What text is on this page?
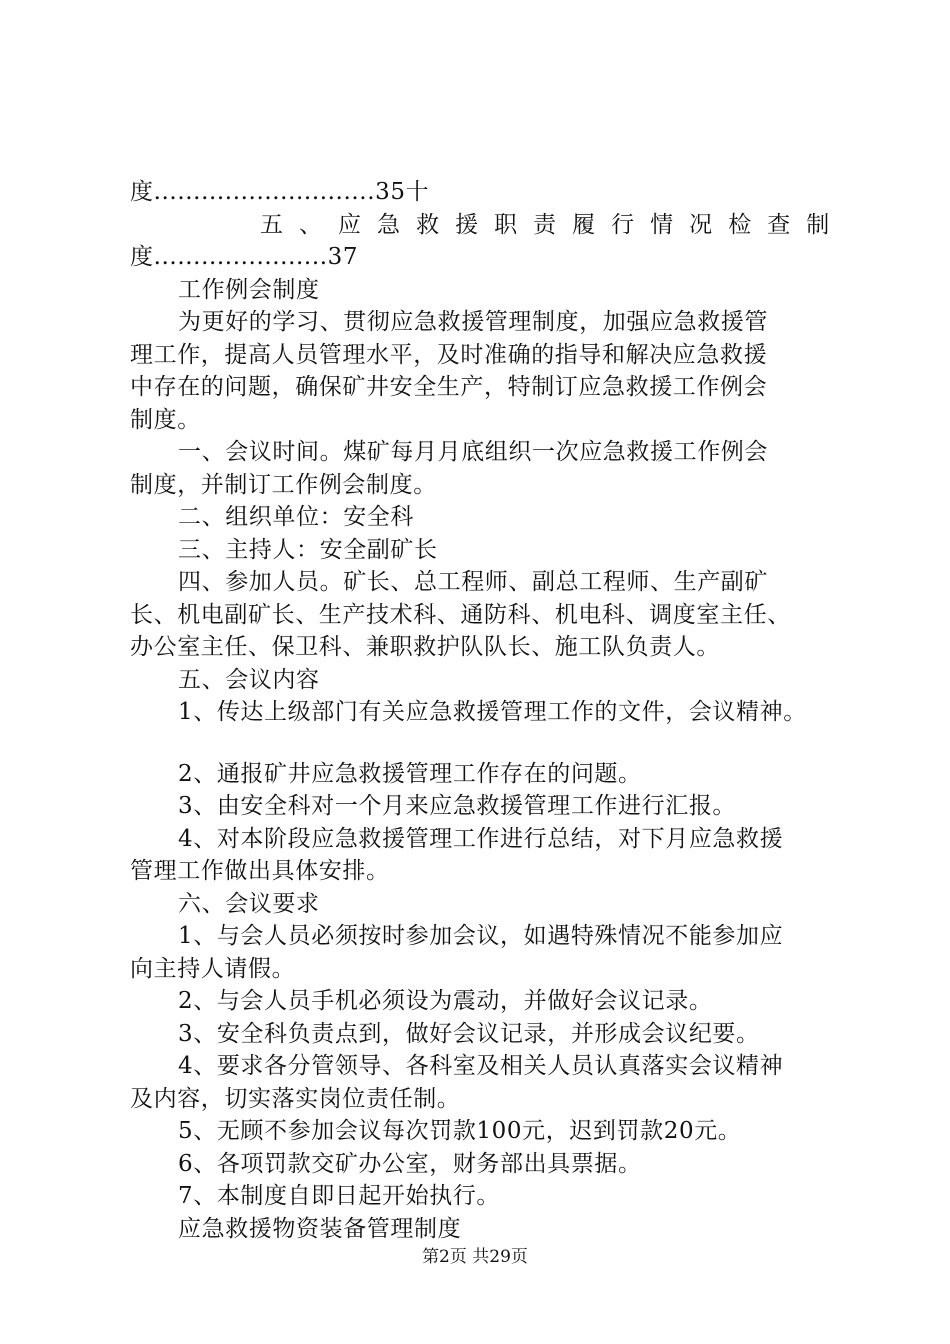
度............................35十
五 、 应 急 救 援 职 责 履 行 情 况 检 查 制
度......................37
工作例会制度
为更好的学习、贯彻应急救援管理制度，加强应急救援管
理工作，提高人员管理水平，及时准确的指导和解决应急救援
中存在的问题，确保矿井安全生产，特制订应急救援工作例会
制度。
一、会议时间。煤矿每月月底组织一次应急救援工作例会
制度，并制订工作例会制度。
二、组织单位：安全科
三、主持人：安全副矿长
四、参加人员。矿长、总工程师、副总工程师、生产副矿
长、机电副矿长、生产技术科、通防科、机电科、调度室主任、
办公室主任、保卫科、兼职救护队队长、施工队负责人。
五、会议内容
1、传达上级部门有关应急救援管理工作的文件，会议精神。
2、通报矿井应急救援管理工作存在的问题。
3、由安全科对一个月来应急救援管理工作进行汇报。
4、对本阶段应急救援管理工作进行总结，对下月应急救援
管理工作做出具体安排。
六、会议要求
1、与会人员必须按时参加会议，如遇特殊情况不能参加应
向主持人请假。
2、与会人员手机必须设为震动，并做好会议记录。
3、安全科负责点到，做好会议记录，并形成会议纪要。
4、要求各分管领导、各科室及相关人员认真落实会议精神
及内容，切实落实岗位责任制。
5、无顾不参加会议每次罚款100元，迟到罚款20元。
6、各项罚款交矿办公室，财务部出具票据。
7、本制度自即日起开始执行。
应急救援物资装备管理制度
第2页 共29页
